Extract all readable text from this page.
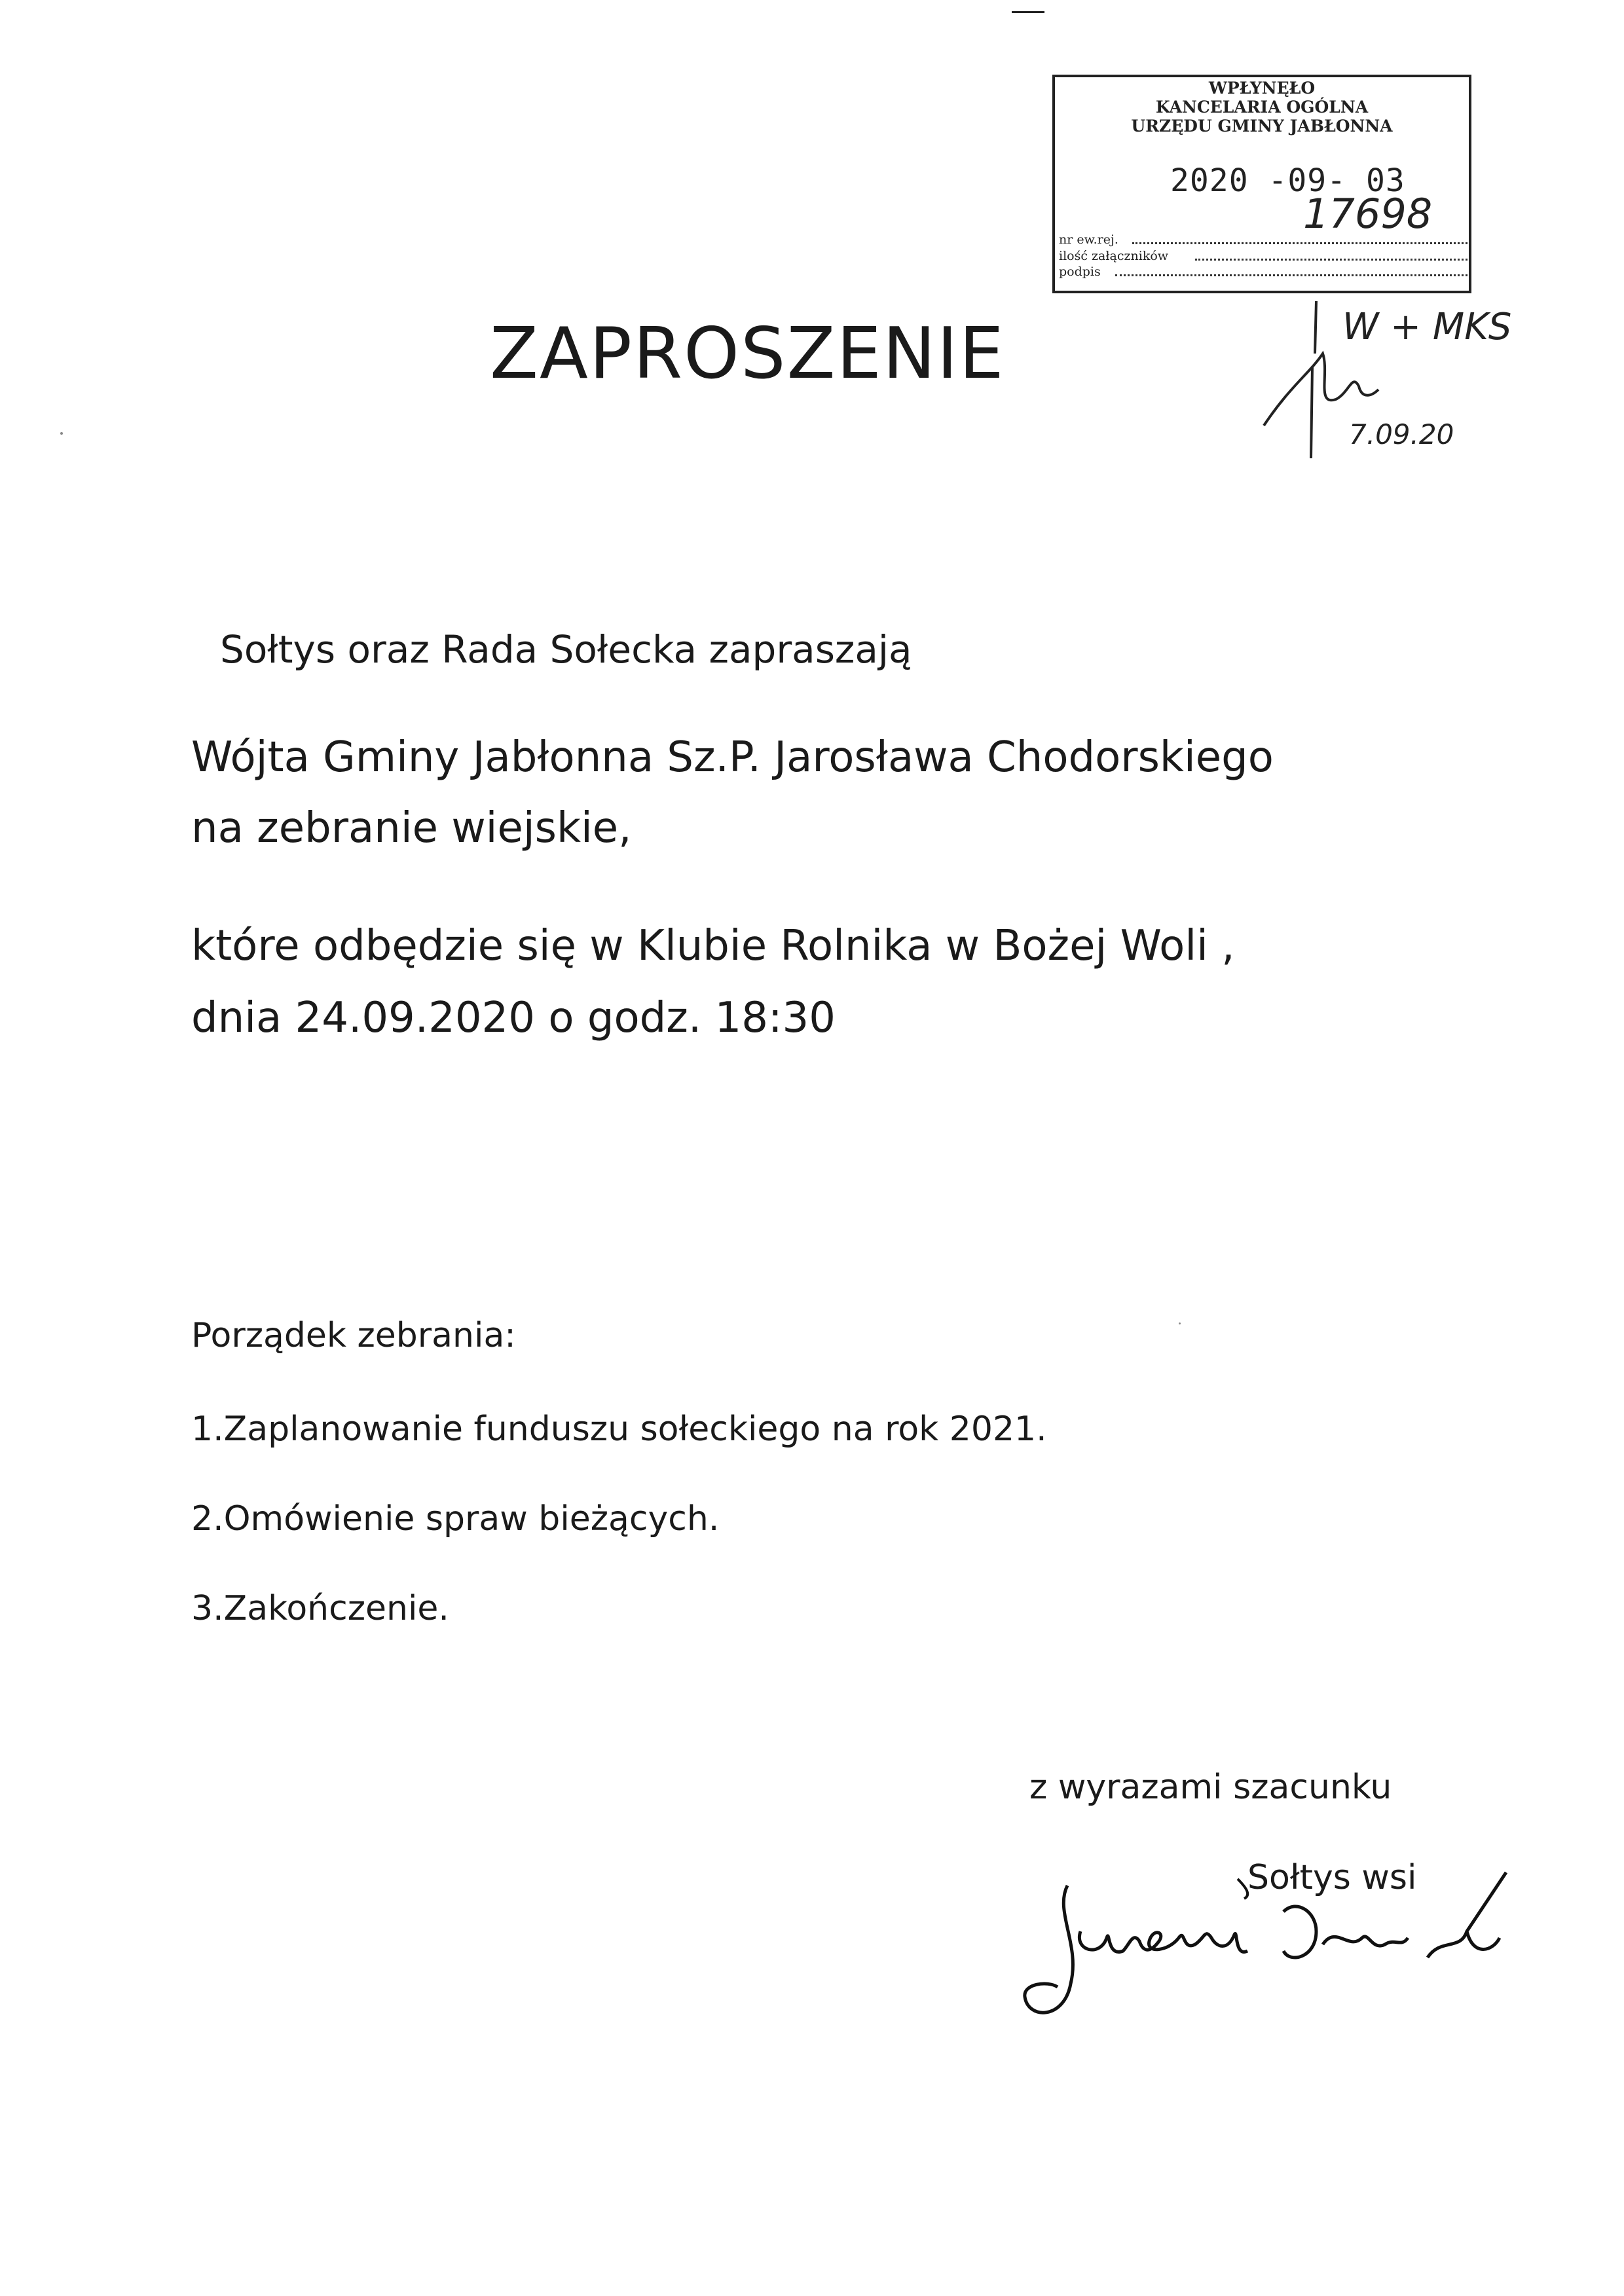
WPŁYNĘŁO
KANCELARIA OGÓLNA
URZĘDU GMINY JABŁONNA
2020 -09- 03
nr ew.rej.
ilość załączników
podpis
17698
W + MKS
7.09.20
ZAPROSZENIE
Sołtys oraz Rada Sołecka zapraszają
Wójta Gminy Jabłonna Sz.P. Jarosława Chodorskiego
na zebranie wiejskie,
które odbędzie się w Klubie Rolnika w Bożej Woli ,
dnia 24.09.2020 o godz. 18:30
Porządek zebrania:
1.Zaplanowanie funduszu sołeckiego na rok 2021.
2.Omówienie spraw bieżących.
3.Zakończenie.
z wyrazami szacunku
Sołtys wsi
